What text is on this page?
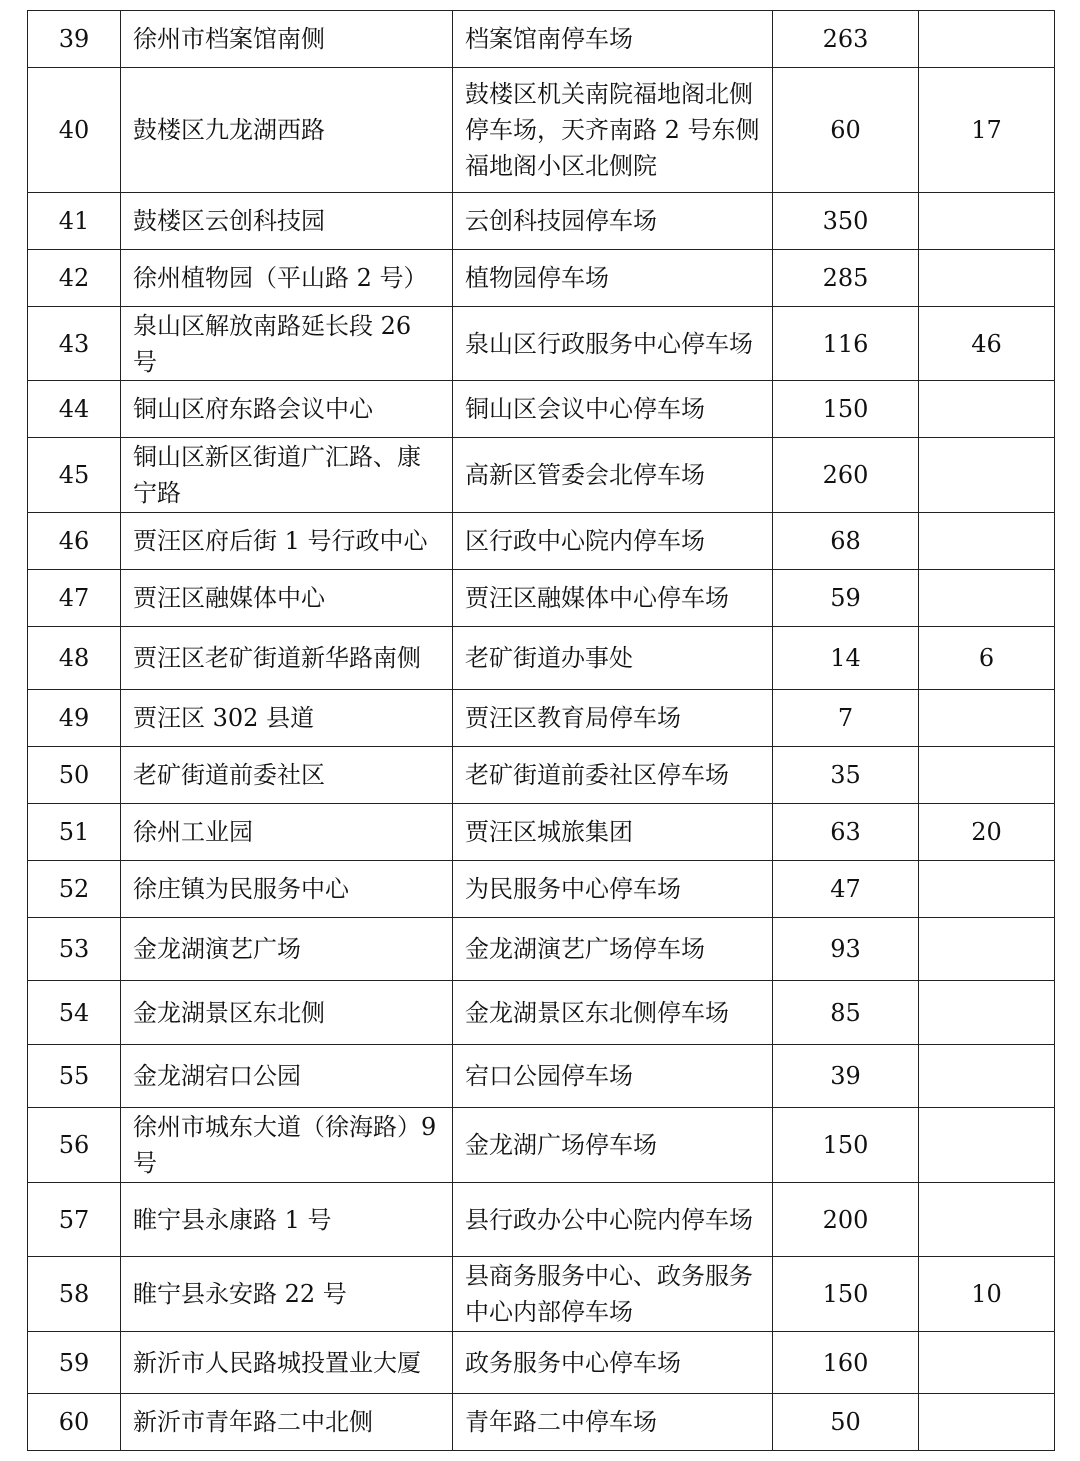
39	徐州市档案馆南侧	档案馆南停车场	263	
40	鼓楼区九龙湖西路	鼓楼区机关南院福地阁北侧停车场，天齐南路 2 号东侧福地阁小区北侧院	60	17
41	鼓楼区云创科技园	云创科技园停车场	350	
42	徐州植物园（平山路 2 号）	植物园停车场	285	
43	泉山区解放南路延长段 26 号	泉山区行政服务中心停车场	116	46
44	铜山区府东路会议中心	铜山区会议中心停车场	150	
45	铜山区新区街道广汇路、康宁路	高新区管委会北停车场	260	
46	贾汪区府后街 1 号行政中心	区行政中心院内停车场	68	
47	贾汪区融媒体中心	贾汪区融媒体中心停车场	59	
48	贾汪区老矿街道新华路南侧	老矿街道办事处	14	6
49	贾汪区 302 县道	贾汪区教育局停车场	7	
50	老矿街道前委社区	老矿街道前委社区停车场	35	
51	徐州工业园	贾汪区城旅集团	63	20
52	徐庄镇为民服务中心	为民服务中心停车场	47	
53	金龙湖演艺广场	金龙湖演艺广场停车场	93	
54	金龙湖景区东北侧	金龙湖景区东北侧停车场	85	
55	金龙湖宕口公园	宕口公园停车场	39	
56	徐州市城东大道（徐海路）9 号	金龙湖广场停车场	150	
57	睢宁县永康路 1 号	县行政办公中心院内停车场	200	
58	睢宁县永安路 22 号	县商务服务中心、政务服务中心内部停车场	150	10
59	新沂市人民路城投置业大厦	政务服务中心停车场	160	
60	新沂市青年路二中北侧	青年路二中停车场	50	
